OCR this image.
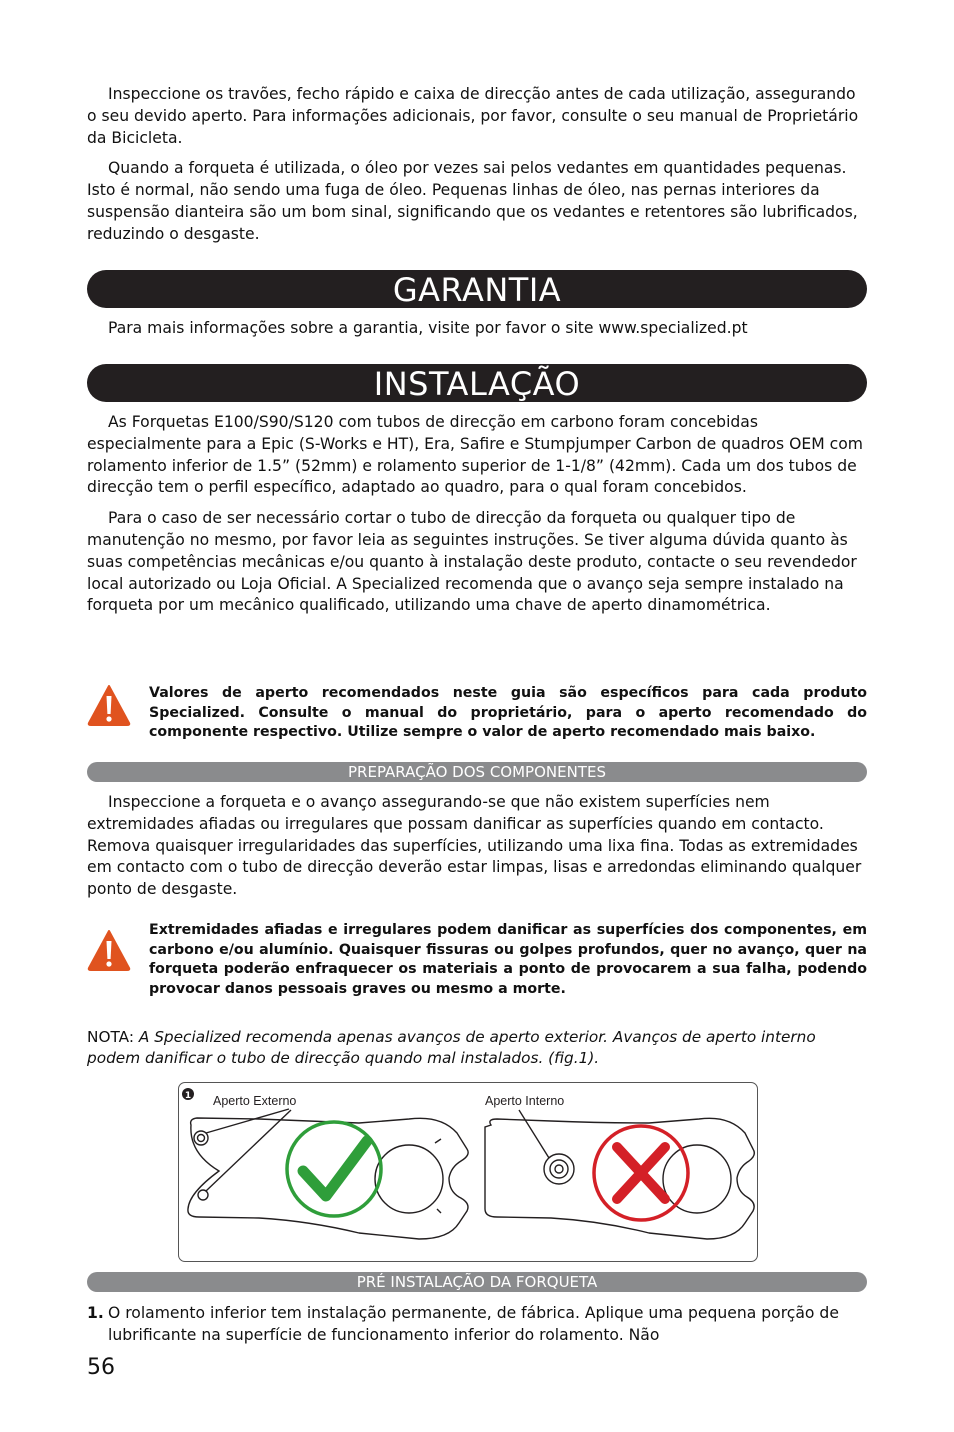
Inspeccione os travões, fecho rápido e caixa de direcção antes de cada utilização, assegurando o seu devido aperto. Para informações adicionais, por favor, consulte o seu manual de Proprietário da Bicicleta.

Quando a forqueta é utilizada, o óleo por vezes sai pelos vedantes em quantidades pequenas. Isto é normal, não sendo uma fuga de óleo. Pequenas linhas de óleo, nas pernas interiores da suspensão dianteira são um bom sinal, significando que os vedantes e retentores são lubrificados, reduzindo o desgaste.

GARANTIA

Para mais informações sobre a garantia, visite por favor o site www.specialized.pt

INSTALAÇÃO

As Forquetas E100/S90/S120 com tubos de direcção em carbono foram concebidas especialmente para a Epic (S-Works e HT), Era, Safire e Stumpjumper Carbon de quadros OEM com rolamento inferior de 1.5” (52mm) e rolamento superior de 1-1/8” (42mm). Cada um dos tubos de direcção tem o perfil específico, adaptado ao quadro, para o qual foram concebidos.

Para o caso de ser necessário cortar o tubo de direcção da forqueta ou qualquer tipo de manutenção no mesmo, por favor leia as seguintes instruções. Se tiver alguma dúvida quanto às suas competências mecânicas e/ou quanto à instalação deste produto, contacte o seu revendedor local autorizado ou Loja Oficial. A Specialized recomenda que o avanço seja sempre instalado na forqueta por um mecânico qualificado, utilizando uma chave de aperto dinamométrica.

Valores de aperto recomendados neste guia são específicos para cada produto Specialized. Consulte o manual do proprietário, para o aperto recomendado do componente respectivo. Utilize sempre o valor de aperto recomendado mais baixo.
PREPARAÇÃO DOS COMPONENTES

Inspeccione a forqueta e o avanço assegurando-se que não existem superfícies nem extremidades afiadas ou irregulares que possam danificar as superfícies quando em contacto. Remova quaisquer irregularidades das superfícies, utilizando uma lixa fina. Todas as extremidades em contacto com o tubo de direcção deverão estar limpas, lisas e arredondas eliminando qualquer ponto de desgaste.

Extremidades afiadas e irregulares podem danificar as superfícies dos componentes, em carbono e/ou alumínio. Quaisquer fissuras ou golpes profundos, quer no avanço, quer na forqueta poderão enfraquecer os materiais a ponto de provocarem a sua falha, podendo provocar danos pessoais graves ou mesmo a morte.

NOTA: A Specialized recomenda apenas avanços de aperto exterior. Avanços de aperto interno podem danificar o tubo de direcção quando mal instalados. (fig.1).

1 Aperto Externo	Aperto Interno
PRÉ INSTALAÇÃO DA FORQUETA
1. O rolamento inferior tem instalação permanente, de fábrica. Aplique uma pequena porção de lubrificante na superfície de funcionamento inferior do rolamento. Não

56
